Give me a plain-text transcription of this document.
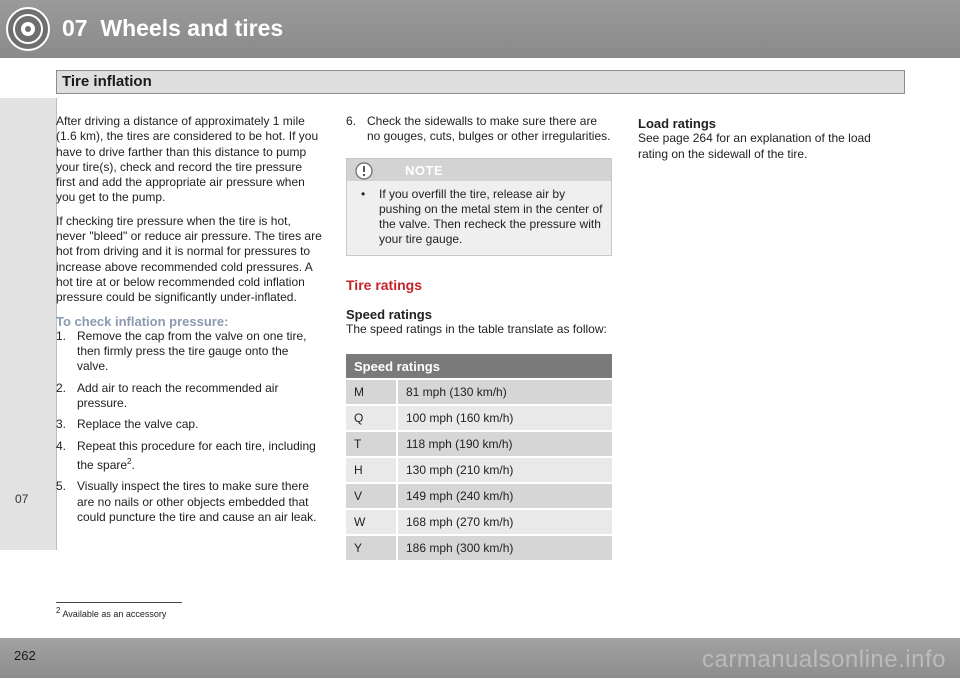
07 Wheels and tires
Tire inflation
07

After driving a distance of approximately 1 mile (1.6 km), the tires are considered to be hot. If you have to drive farther than this distance to pump your tire(s), check and record the tire pressure first and add the appropriate air pressure when you get to the pump.

If checking tire pressure when the tire is hot, never "bleed" or reduce air pressure. The tires are hot from driving and it is normal for pressures to increase above recommended cold pressures. A hot tire at or below recommended cold inflation pressure could be significantly under-inflated.

To check inflation pressure:
1. Remove the cap from the valve on one tire, then firmly press the tire gauge onto the valve.
2. Add air to reach the recommended air pressure.
3. Replace the valve cap.
4. Repeat this procedure for each tire, including the spare$^2$.
5. Visually inspect the tires to make sure there are no nails or other objects embedded that could puncture the tire and cause an air leak.
6. Check the sidewalls to make sure there are no gouges, cuts, bulges or other irregularities.
NOTE
• If you overfill the tire, release air by pushing on the metal stem in the center of the valve. Then recheck the pressure with your tire gauge.
Tire ratings
Speed ratings
The speed ratings in the table translate as follow:
Speed ratings	
M	81 mph (130 km/h)
Q	100 mph (160 km/h)
T	118 mph (190 km/h)
H	130 mph (210 km/h)
V	149 mph (240 km/h)
W	168 mph (270 km/h)
Y	186 mph (300 km/h)
Load ratings
See page 264 for an explanation of the load rating on the sidewall of the tire.
$^2$ Available as an accessory
262	carmanualsonline.info
